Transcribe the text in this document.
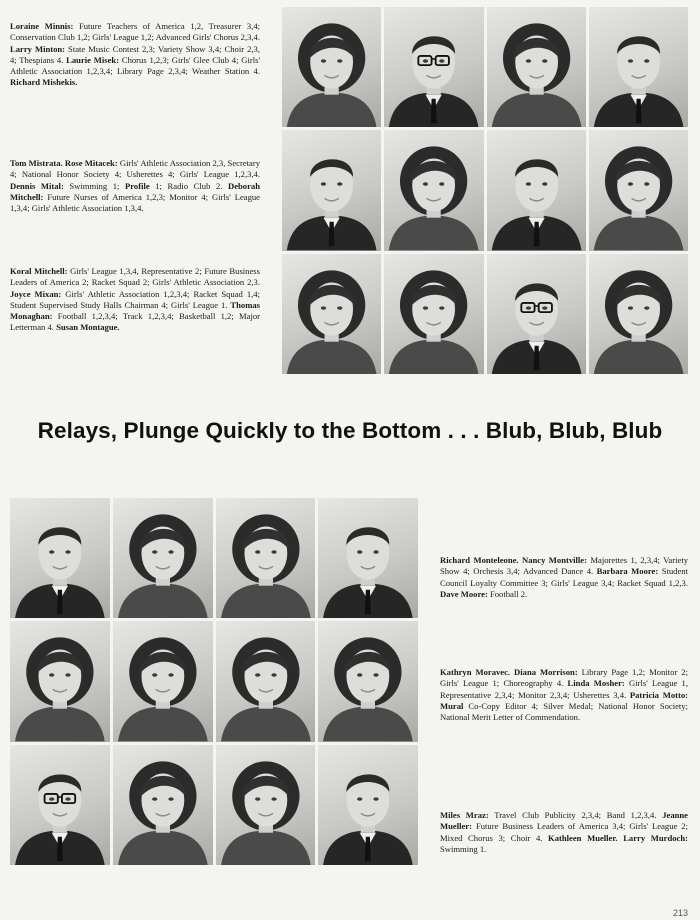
Loraine Minnis: Future Teachers of America 1,2, Treasurer 3,4; Conservation Club 1,2; Girls' League 1,2; Advanced Girls' Chorus 2,3,4. Larry Minton: State Music Contest 2,3; Variety Show 3,4; Choir 2,3, 4; Thespians 4. Laurie Misek: Chorus 1,2,3; Girls' Glee Club 4; Girls' Athletic Association 1,2,3,4; Library Page 2,3,4; Weather Station 4. Richard Mishekis.
Tom Mistrata. Rose Mitacek: Girls' Athletic Association 2,3, Secretary 4; National Honor Society 4; Usherettes 4; Girls' League 1,2,3,4. Dennis Mital: Swimming 1; Profile 1; Radio Club 2. Deborah Mitchell: Future Nurses of America 1,2,3; Monitor 4; Girls' League 1,3,4; Girls' Athletic Association 1,3,4.
Koral Mitchell: Girls' League 1,3,4, Representative 2; Future Business Leaders of America 2; Racket Squad 2; Girls' Athletic Association 2,3. Joyce Mixan: Girls' Athletic Association 1,2,3,4; Racket Squad 1,4; Student Supervised Study Halls Chairman 4; Girls' League 1. Thomas Monaghan: Football 1,2,3,4; Track 1,2,3,4; Basketball 1,2; Major Letterman 4. Susan Montague.
Relays, Plunge Quickly to the Bottom . . . Blub, Blub, Blub
Richard Monteleone. Nancy Montville: Majorettes 1, 2,3,4; Variety Show 4; Orchesis 3,4; Advanced Dance 4. Barbara Moore: Student Council Loyalty Committee 3; Girls' League 3,4; Racket Squad 1,2,3. Dave Moore: Football 2.
Kathryn Moravec. Diana Morrison: Library Page 1,2; Monitor 2; Girls' League 1; Choreography 4. Linda Mosher: Girls' League 1, Representative 2,3,4; Monitor 2,3,4; Usherettes 3,4. Patricia Motto: Mural Co-Copy Editor 4; Silver Medal; National Honor Society; National Merit Letter of Commendation.
Miles Mraz: Travel Club Publicity 2,3,4; Band 1,2,3,4. Jeanne Mueller: Future Business Leaders of America 3,4; Girls' League 2; Mixed Chorus 3; Choir 4. Kathleen Mueller. Larry Murdoch: Swimming 1.
213
